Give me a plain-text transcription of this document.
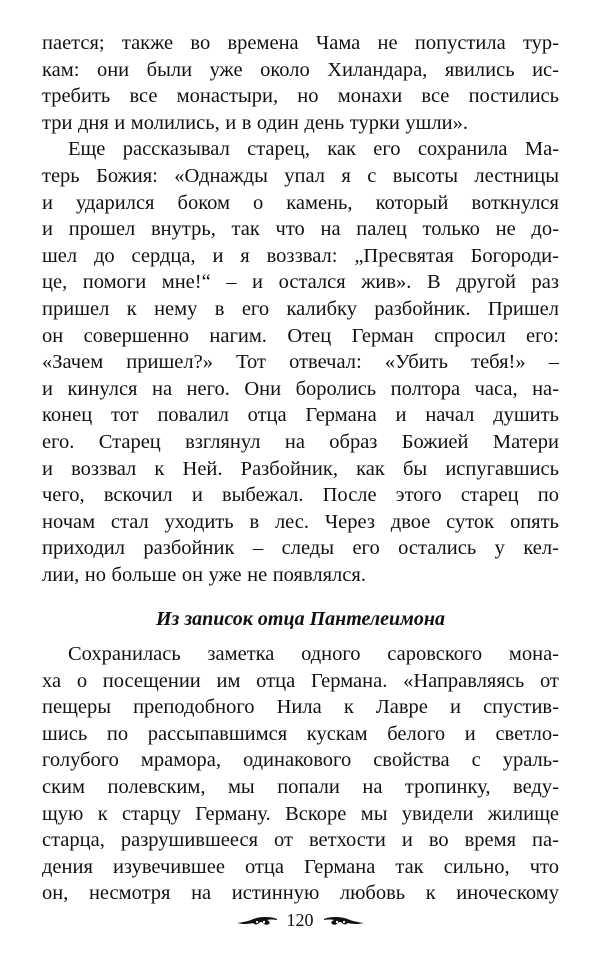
пается; также во времена Чама не попустила тур-
кам: они были уже около Хиландара, явились ис-
требить все монастыри, но монахи все постились
три дня и молились, и в один день турки ушли».
Еще рассказывал старец, как его сохранила Ма-
терь Божия: «Однажды упал я с высоты лестницы
и ударился боком о камень, который воткнулся
и прошел внутрь, так что на палец только не до-
шел до сердца, и я воззвал: „Пресвятая Богороди-
це, помоги мне!“ – и остался жив». В другой раз
пришел к нему в его калибку разбойник. Пришел
он совершенно нагим. Отец Герман спросил его:
«Зачем пришел?» Тот отвечал: «Убить тебя!» –
и кинулся на него. Они боролись полтора часа, на-
конец тот повалил отца Германа и начал душить
его. Старец взглянул на образ Божией Матери
и воззвал к Ней. Разбойник, как бы испугавшись
чего, вскочил и выбежал. После этого старец по
ночам стал уходить в лес. Через двое суток опять
приходил разбойник – следы его остались у кел-
лии, но больше он уже не появлялся.
Из записок отца Пантелеимона
Сохранилась заметка одного саровского мона-
ха о посещении им отца Германа. «Направляясь от
пещеры преподобного Нила к Лавре и спустив-
шись по рассыпавшимся кускам белого и светло-
голубого мрамора, одинакового свойства с ураль-
ским полевским, мы попали на тропинку, веду-
щую к старцу Герману. Вскоре мы увидели жилище
старца, разрушившееся от ветхости и во время па-
дения изувечившее отца Германа так сильно, что
он, несмотря на истинную любовь к иноческому
120
